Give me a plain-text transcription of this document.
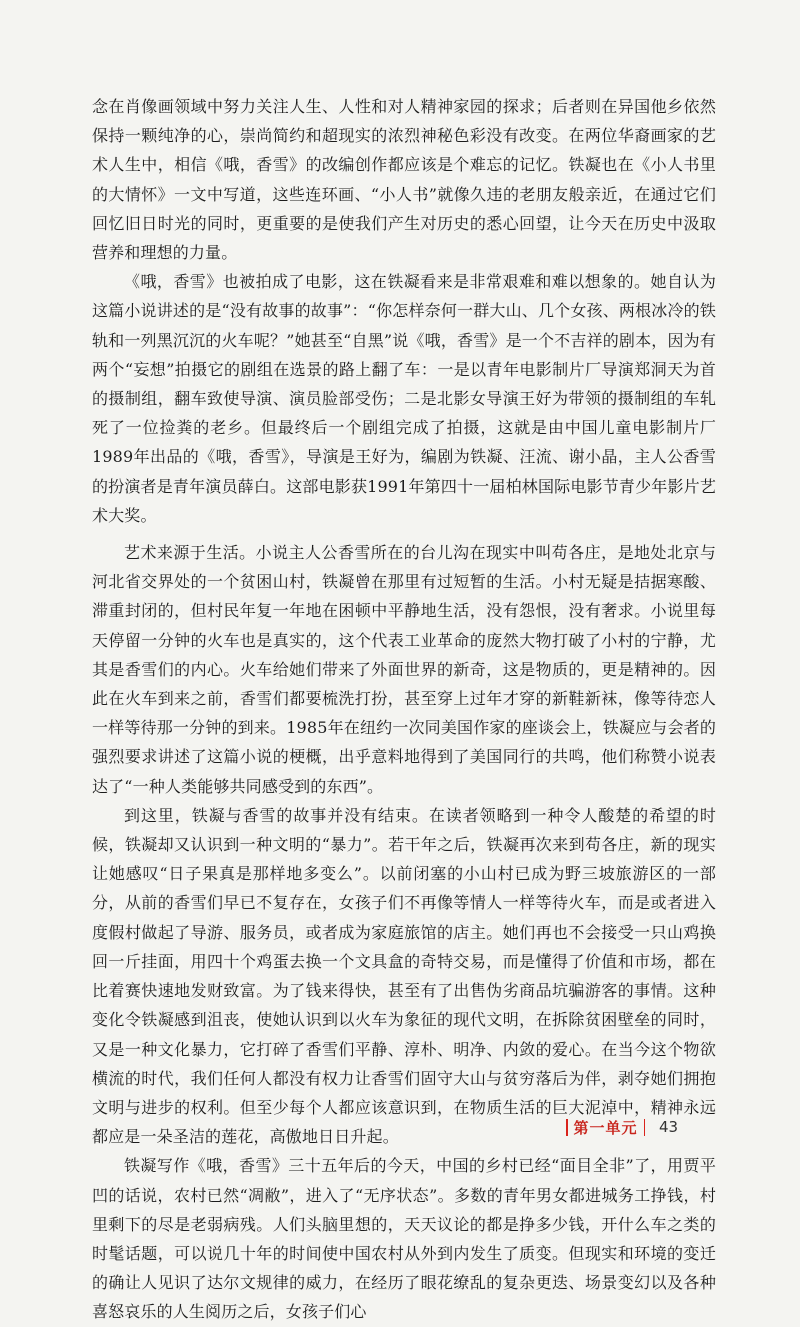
念在肖像画领域中努力关注人生、人性和对人精神家园的探求；后者则在异国他乡依然保持一颗纯净的心，崇尚简约和超现实的浓烈神秘色彩没有改变。在两位华裔画家的艺术人生中，相信《哦，香雪》的改编创作都应该是个难忘的记忆。铁凝也在《小人书里的大情怀》一文中写道，这些连环画、“小人书”就像久违的老朋友般亲近，在通过它们回忆旧日时光的同时，更重要的是使我们产生对历史的悉心回望，让今天在历史中汲取营养和理想的力量。

《哦，香雪》也被拍成了电影，这在铁凝看来是非常艰难和难以想象的。她自认为这篇小说讲述的是“没有故事的故事”：“你怎样奈何一群大山、几个女孩、两根冰冷的铁轨和一列黑沉沉的火车呢？”她甚至“自黑”说《哦，香雪》是一个不吉祥的剧本，因为有两个“妄想”拍摄它的剧组在选景的路上翻了车：一是以青年电影制片厂导演郑洞天为首的摄制组，翻车致使导演、演员脸部受伤；二是北影女导演王好为带领的摄制组的车轧死了一位捡粪的老乡。但最终后一个剧组完成了拍摄，这就是由中国儿童电影制片厂1989年出品的《哦，香雪》，导演是王好为，编剧为铁凝、汪流、谢小晶，主人公香雪的扮演者是青年演员薛白。这部电影获1991年第四十一届柏林国际电影节青少年影片艺术大奖。

艺术来源于生活。小说主人公香雪所在的台儿沟在现实中叫苟各庄，是地处北京与河北省交界处的一个贫困山村，铁凝曾在那里有过短暂的生活。小村无疑是拮据寒酸、滞重封闭的，但村民年复一年地在困顿中平静地生活，没有怨恨，没有奢求。小说里每天停留一分钟的火车也是真实的，这个代表工业革命的庞然大物打破了小村的宁静，尤其是香雪们的内心。火车给她们带来了外面世界的新奇，这是物质的，更是精神的。因此在火车到来之前，香雪们都要梳洗打扮，甚至穿上过年才穿的新鞋新袜，像等待恋人一样等待那一分钟的到来。1985年在纽约一次同美国作家的座谈会上，铁凝应与会者的强烈要求讲述了这篇小说的梗概，出乎意料地得到了美国同行的共鸣，他们称赞小说表达了“一种人类能够共同感受到的东西”。

到这里，铁凝与香雪的故事并没有结束。在读者领略到一种令人酸楚的希望的时候，铁凝却又认识到一种文明的“暴力”。若干年之后，铁凝再次来到苟各庄，新的现实让她感叹“日子果真是那样地多变么”。以前闭塞的小山村已成为野三坡旅游区的一部分，从前的香雪们早已不复存在，女孩子们不再像等情人一样等待火车，而是或者进入度假村做起了导游、服务员，或者成为家庭旅馆的店主。她们再也不会接受一只山鸡换回一斤挂面，用四十个鸡蛋去换一个文具盒的奇特交易，而是懂得了价值和市场，都在比着赛快速地发财致富。为了钱来得快，甚至有了出售伪劣商品坑骗游客的事情。这种变化令铁凝感到沮丧，使她认识到以火车为象征的现代文明，在拆除贫困壁垒的同时，又是一种文化暴力，它打碎了香雪们平静、淳朴、明净、内敛的爱心。在当今这个物欲横流的时代，我们任何人都没有权力让香雪们固守大山与贫穷落后为伴，剥夺她们拥抱文明与进步的权利。但至少每个人都应该意识到，在物质生活的巨大泥淖中，精神永远都应是一朵圣洁的莲花，高傲地日日升起。

铁凝写作《哦，香雪》三十五年后的今天，中国的乡村已经“面目全非”了，用贾平凹的话说，农村已然“凋敝”，进入了“无序状态”。多数的青年男女都进城务工挣钱，村里剩下的尽是老弱病残。人们头脑里想的，天天议论的都是挣多少钱，开什么车之类的时髦话题，可以说几十年的时间使中国农村从外到内发生了质变。但现实和环境的变迁的确让人见识了达尔文规律的威力，在经历了眼花缭乱的复杂更迭、场景变幻以及各种喜怒哀乐的人生阅历之后，女孩子们心

第一单元 43
